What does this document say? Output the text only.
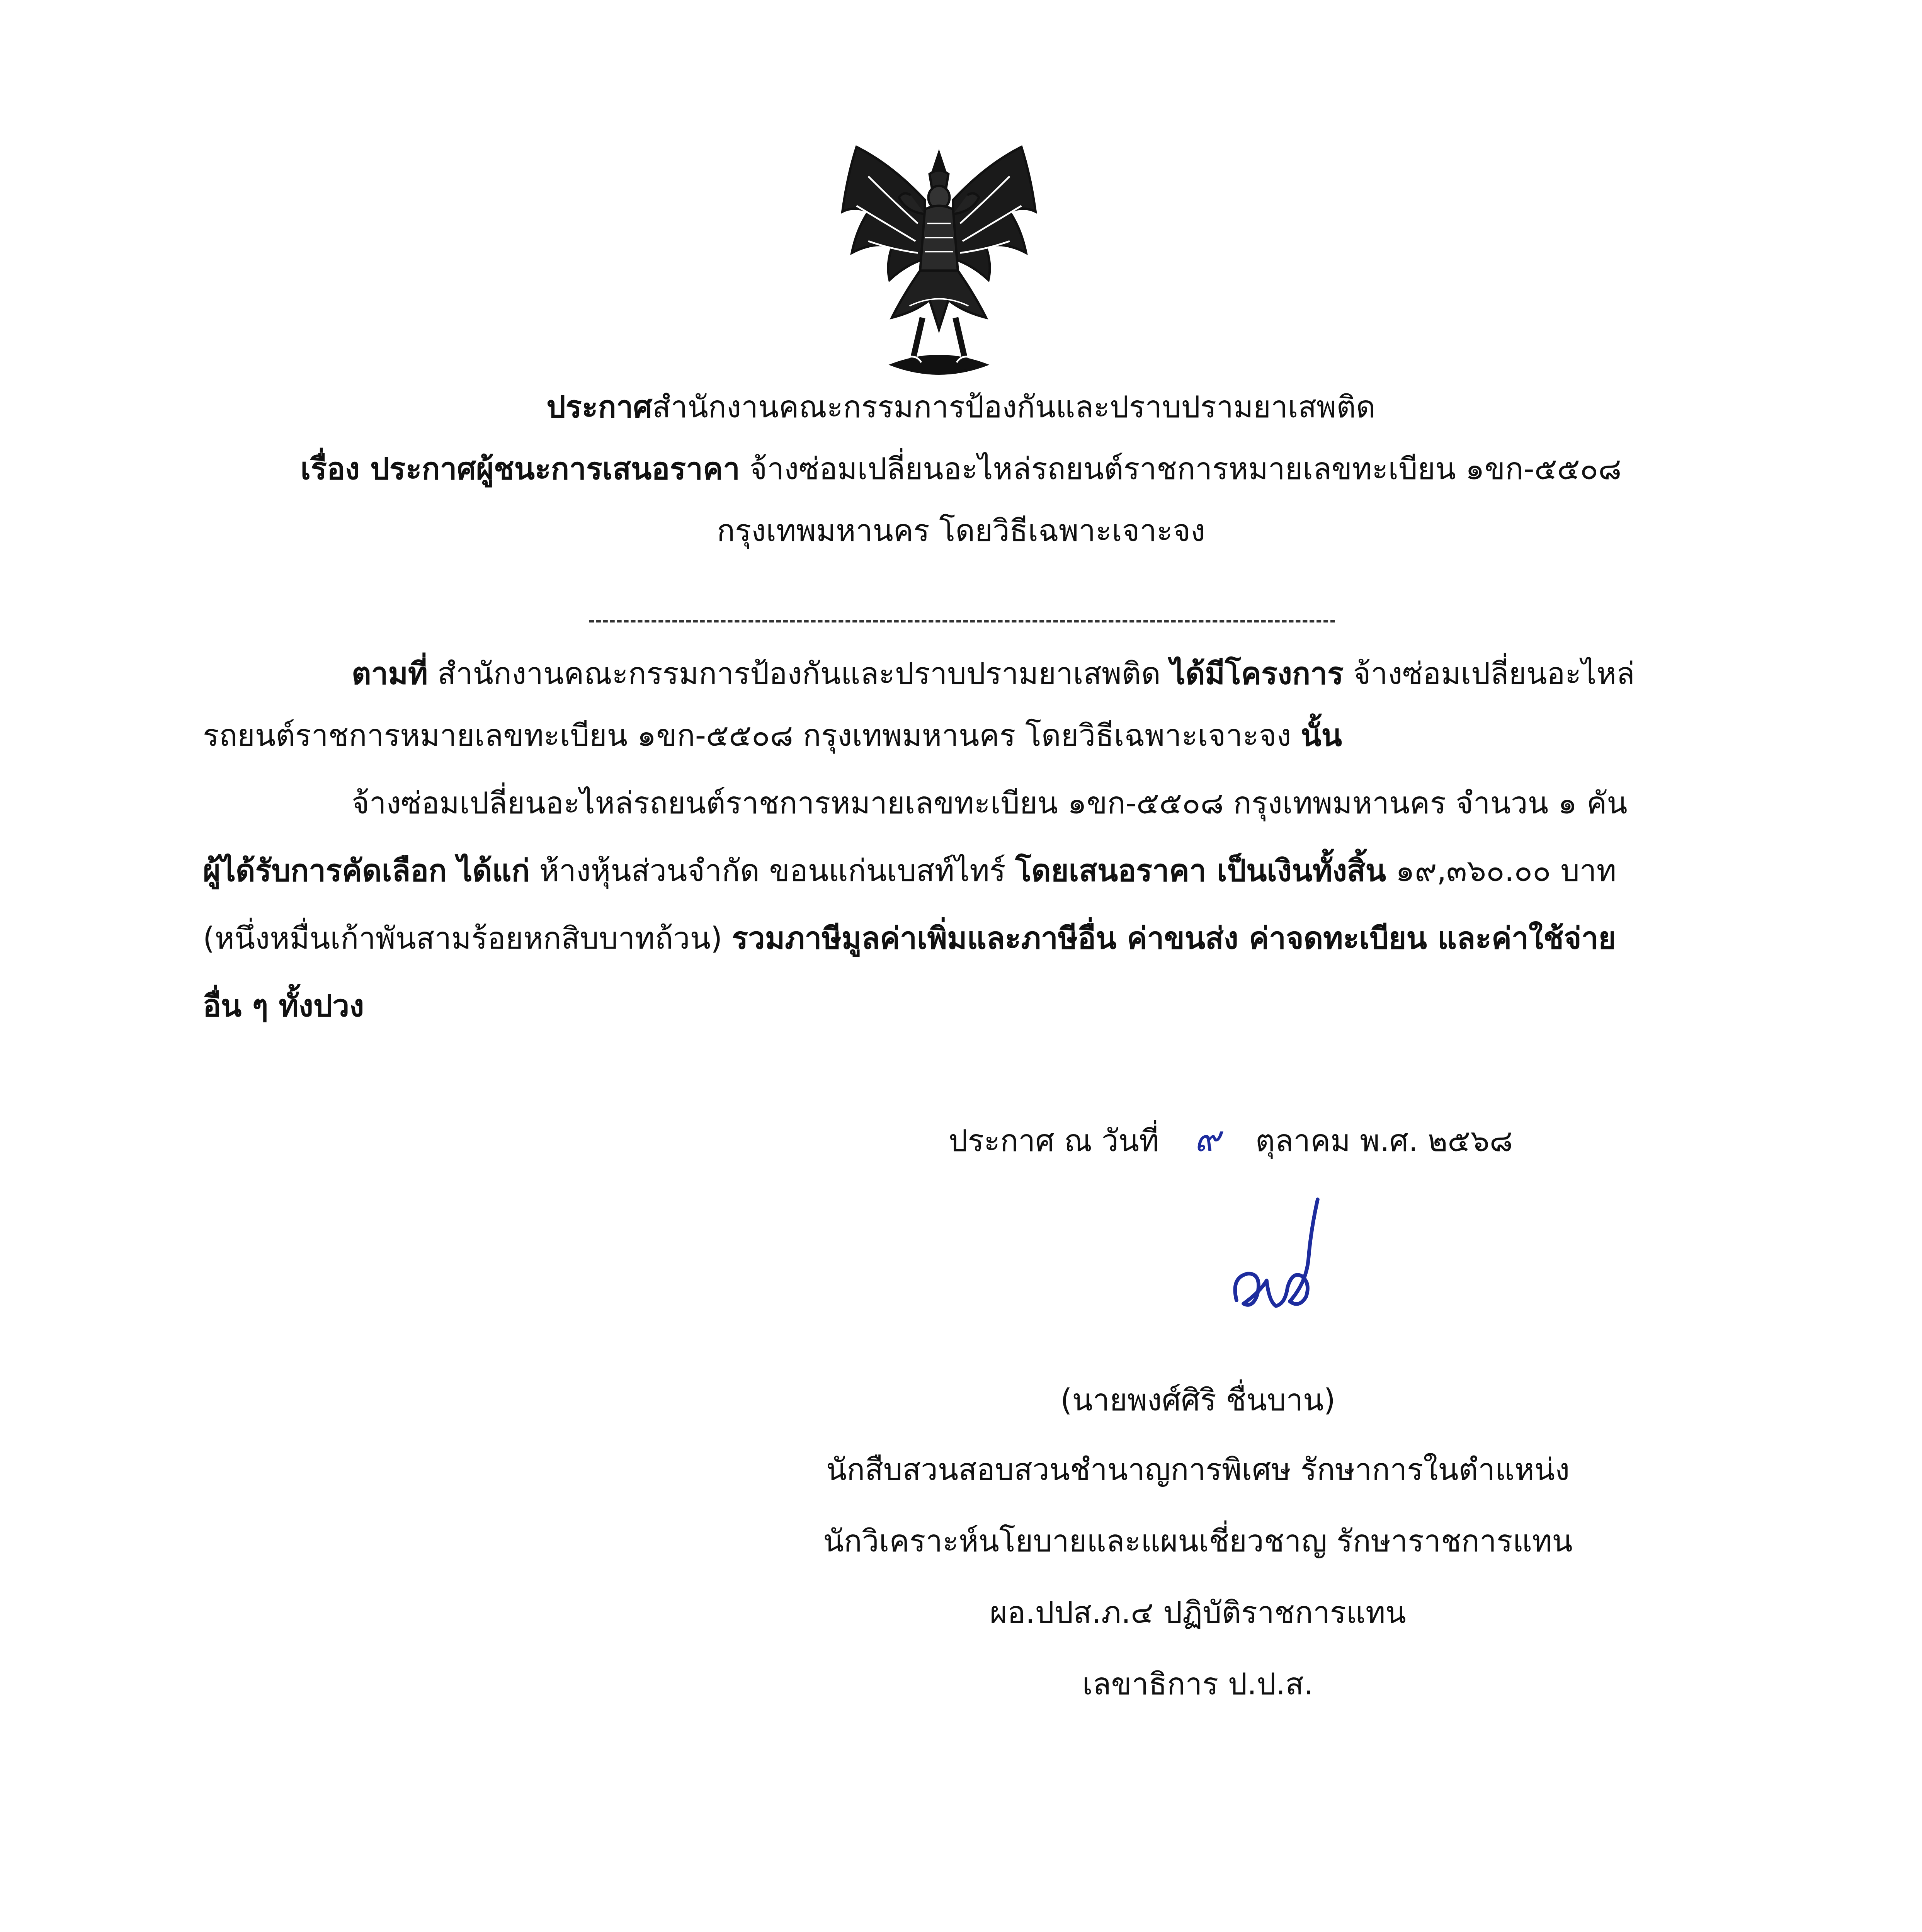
ประกาศสำนักงานคณะกรรมการป้องกันและปราบปรามยาเสพติด
เรื่อง ประกาศผู้ชนะการเสนอราคา จ้างซ่อมเปลี่ยนอะไหล่รถยนต์ราชการหมายเลขทะเบียน ๑ขก-๕๕๐๘
กรุงเทพมหานคร โดยวิธีเฉพาะเจาะจง
ตามที่ สำนักงานคณะกรรมการป้องกันและปราบปรามยาเสพติด ได้มีโครงการ จ้างซ่อมเปลี่ยนอะไหล่
รถยนต์ราชการหมายเลขทะเบียน ๑ขก-๕๕๐๘ กรุงเทพมหานคร โดยวิธีเฉพาะเจาะจง นั้น
จ้างซ่อมเปลี่ยนอะไหล่รถยนต์ราชการหมายเลขทะเบียน ๑ขก-๕๕๐๘ กรุงเทพมหานคร จำนวน ๑ คัน
ผู้ได้รับการคัดเลือก ได้แก่ ห้างหุ้นส่วนจำกัด ขอนแก่นเบสท์ไทร์ โดยเสนอราคา เป็นเงินทั้งสิ้น ๑๙,๓๖๐.๐๐ บาท
(หนึ่งหมื่นเก้าพันสามร้อยหกสิบบาทถ้วน) รวมภาษีมูลค่าเพิ่มและภาษีอื่น ค่าขนส่ง ค่าจดทะเบียน และค่าใช้จ่าย
อื่น ๆ ทั้งปวง
ประกาศ ณ วันที่ ๙ ตุลาคม พ.ศ. ๒๕๖๘
(นายพงศ์ศิริ ชื่นบาน)
นักสืบสวนสอบสวนชำนาญการพิเศษ รักษาการในตำแหน่ง
นักวิเคราะห์นโยบายและแผนเชี่ยวชาญ รักษาราชการแทน
ผอ.ปปส.ภ.๔ ปฏิบัติราชการแทน
เลขาธิการ ป.ป.ส.
